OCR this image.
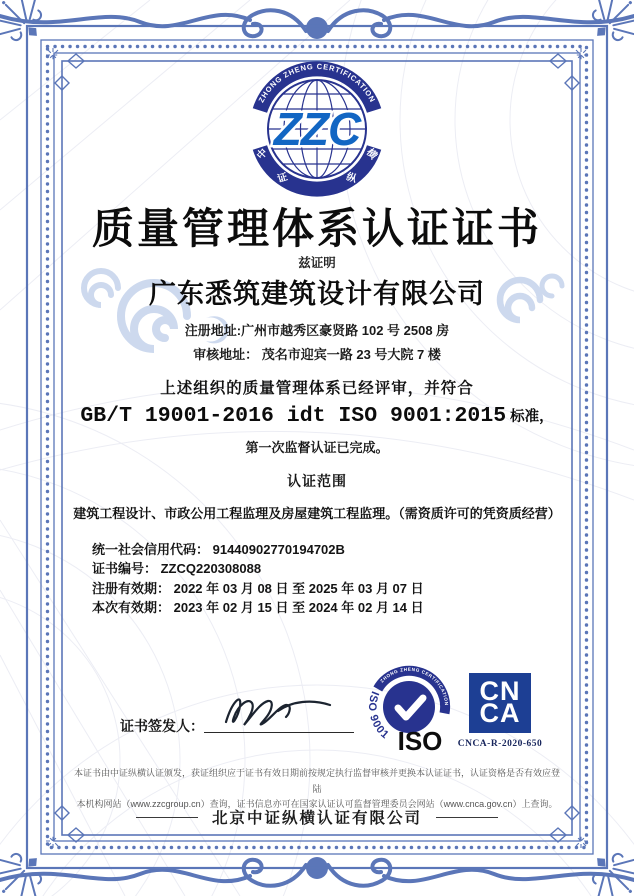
ZHONG ZHENG CERTIFICATION
中
证	纵
横
ZZC
质量管理体系认证证书
兹证明
广东悉筑建筑设计有限公司
注册地址:广州市越秀区豪贤路 102 号 2508 房
审核地址： 茂名市迎宾一路 23 号大院 7 楼
上述组织的质量管理体系已经评审，并符合
GB/T 19001-2016 idt ISO 9001:2015 标准，
第一次监督认证已完成。
认证范围
建筑工程设计、市政公用工程监理及房屋建筑工程监理。（需资质许可的凭资质经营）
统一社会信用代码： 91440902770194702B
证书编号： ZZCQ220308088
注册有效期： 2022 年 03 月 08 日 至 2025 年 03 月 07 日
本次有效期： 2023 年 02 月 15 日 至 2024 年 02 月 14 日
证书签发人：
ZHONG ZHENG CERTIFICATION
ISO 9001 ISO
CN
CA
CNCA-R-2020-650
本证书由中证纵横认证颁发，获证组织应于证书有效日期前按规定执行监督审核并更换本认证证书，认证资格是否有效应登陆
本机构网站（www.zzcgroup.cn）查询，证书信息亦可在国家认证认可监督管理委员会网站（www.cnca.gov.cn）上查询。
北京中证纵横认证有限公司
